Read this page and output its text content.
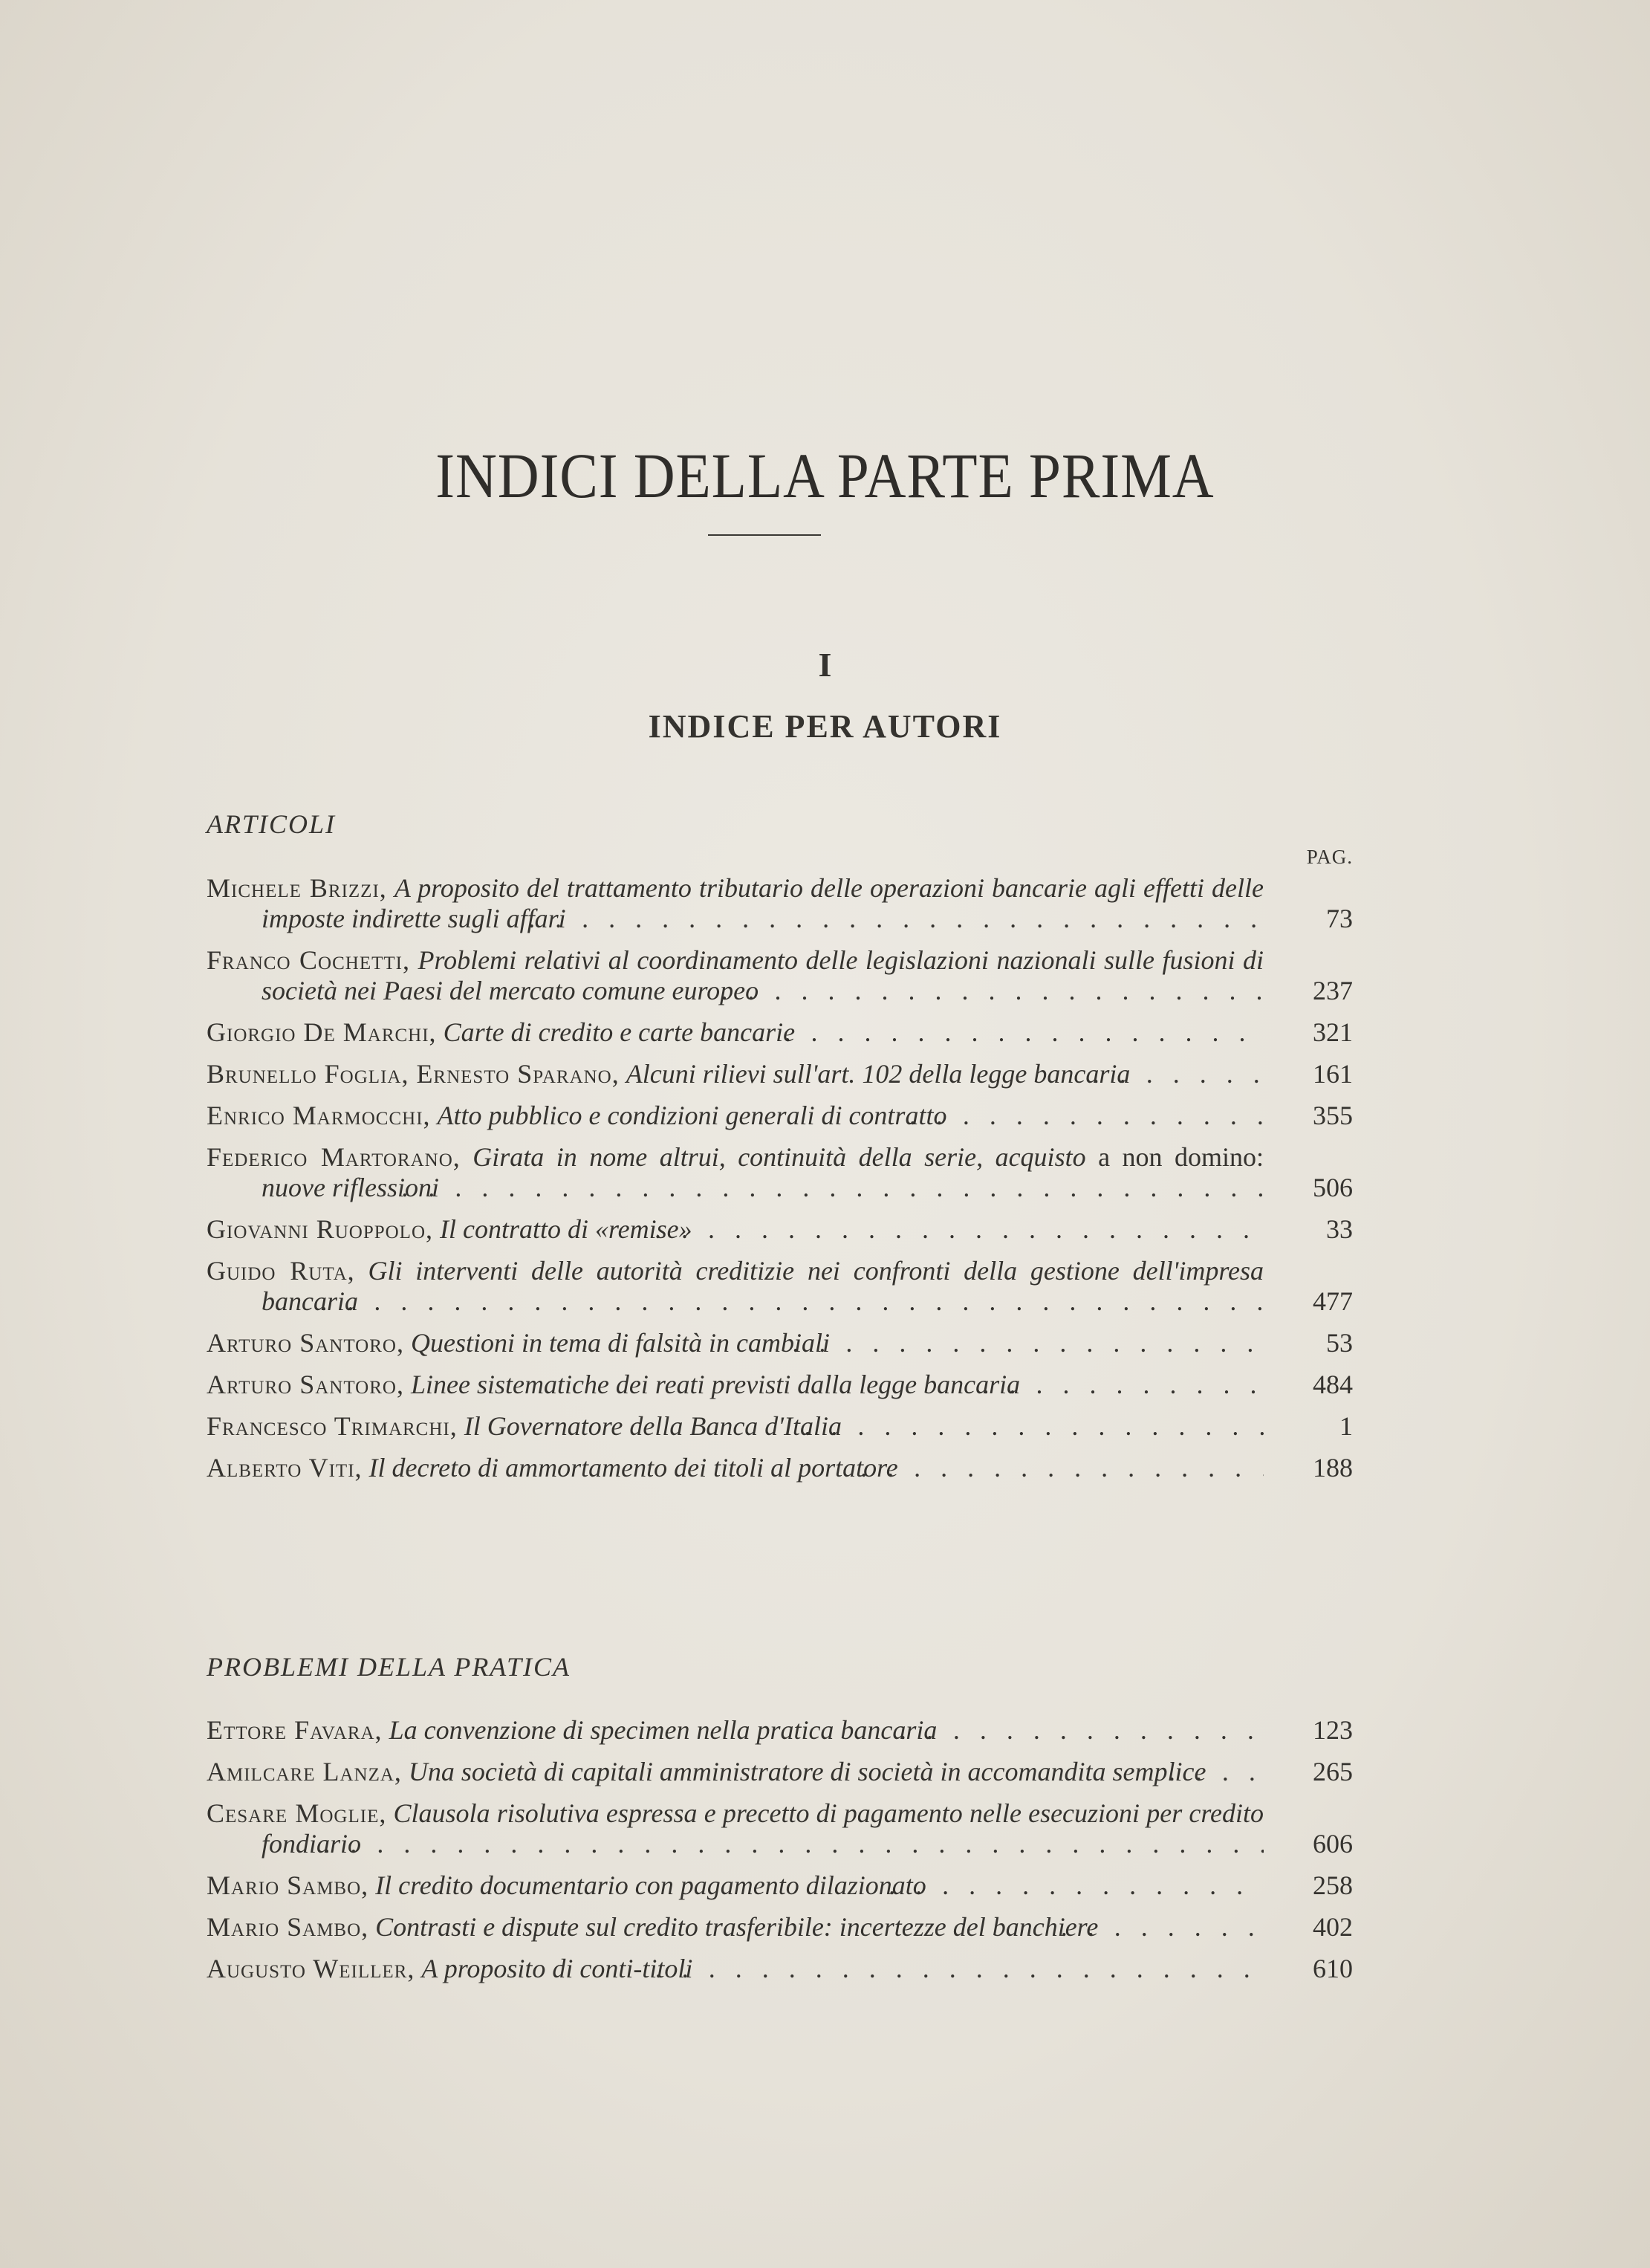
INDICI DELLA PARTE PRIMA
I
INDICE PER AUTORI
ARTICOLI
PAG.
Michele Brizzi, A proposito del trattamento tributario delle operazioni bancarie agli effetti delle imposte indirette sugli affari	73
Franco Cochetti, Problemi relativi al coordinamento delle legislazioni nazionali sulle fusioni di società nei Paesi del mercato comune europeo	237
Giorgio De Marchi, Carte di credito e carte bancarie	321
Brunello Foglia, Ernesto Sparano, Alcuni rilievi sull'art. 102 della legge bancaria	161
Enrico Marmocchi, Atto pubblico e condizioni generali di contratto	355
Federico Martorano, Girata in nome altrui, continuità della serie, acquisto a non domino: nuove riflessioni	506
Giovanni Ruoppolo, Il contratto di «remise»	33
Guido Ruta, Gli interventi delle autorità creditizie nei confronti della gestione dell'impresa bancaria	477
Arturo Santoro, Questioni in tema di falsità in cambiali	53
Arturo Santoro, Linee sistematiche dei reati previsti dalla legge bancaria	484
Francesco Trimarchi, Il Governatore della Banca d'Italia	1
Alberto Viti, Il decreto di ammortamento dei titoli al portatore	188
PROBLEMI DELLA PRATICA
Ettore Favara, La convenzione di specimen nella pratica bancaria	123
Amilcare Lanza, Una società di capitali amministratore di società in accomandita semplice	265
Cesare Moglie, Clausola risolutiva espressa e precetto di pagamento nelle esecuzioni per credito fondiario	606
Mario Sambo, Il credito documentario con pagamento dilazionato	258
Mario Sambo, Contrasti e dispute sul credito trasferibile: incertezze del banchiere	402
Augusto Weiller, A proposito di conti-titoli	610
